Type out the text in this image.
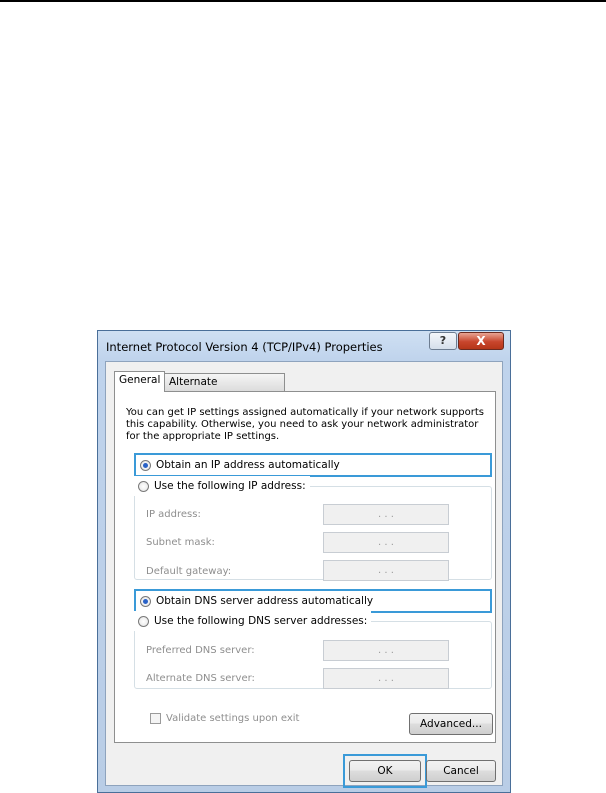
Internet Protocol Version 4 (TCP/IPv4) Properties	?	X
General Alternate
You can get IP settings assigned automatically if your network supports this capability. Otherwise, you need to ask your network administrator for the appropriate IP settings.
Obtain an IP address automatically
Use the following IP address:
IP address:	. . .
Subnet mask:	. . .
Default gateway:	. . .
Obtain DNS server address automatically
Use the following DNS server addresses:
Preferred DNS server:	. . .
Alternate DNS server:	. . .
Validate settings upon exit	Advanced...
OK	Cancel
